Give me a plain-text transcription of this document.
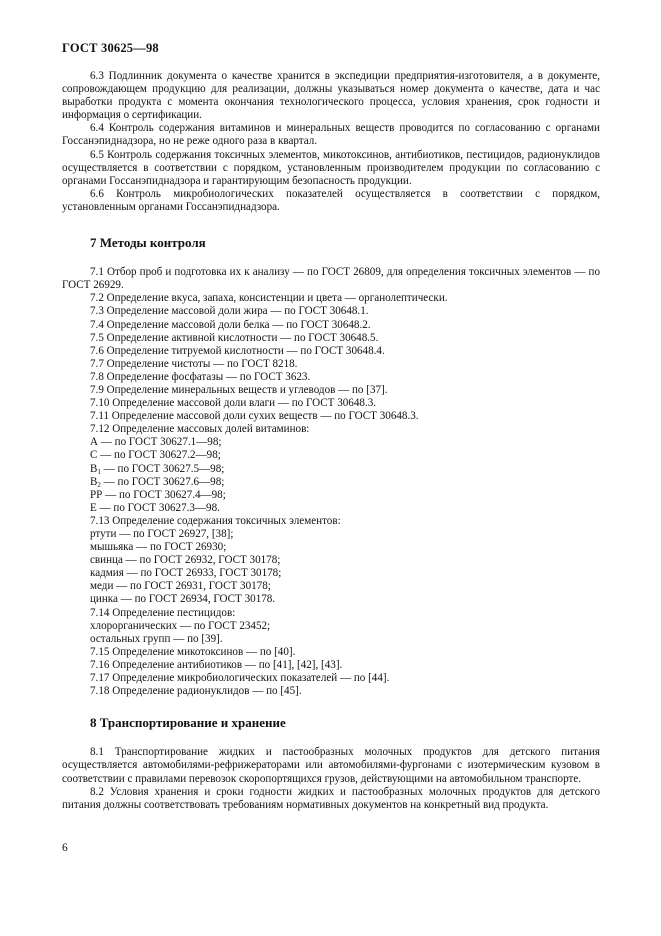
ГОСТ 30625—98

6.3 Подлинник документа о качестве хранится в экспедиции предприятия-изготовителя, а в документе, сопровождающем продукцию для реализации, должны указываться номер документа о качестве, дата и час выработки продукта с момента окончания технологического процесса, условия хранения, срок годности и информация о сертификации.

6.4 Контроль содержания витаминов и минеральных веществ проводится по согласованию с органами Госсанэпиднадзора, но не реже одного раза в квартал.

6.5 Контроль содержания токсичных элементов, микотоксинов, антибиотиков, пестицидов, радионуклидов осуществляется в соответствии с порядком, установленным производителем продукции по согласованию с органами Госсанэпиднадзора и гарантирующим безопасность продукции.

6.6 Контроль микробиологических показателей осуществляется в соответствии с порядком, установленным органами Госсанэпиднадзора.

7 Методы контроля

7.1 Отбор проб и подготовка их к анализу — по ГОСТ 26809, для определения токсичных элементов — по ГОСТ 26929.

7.2 Определение вкуса, запаха, консистенции и цвета — органолептически.

7.3 Определение массовой доли жира — по ГОСТ 30648.1.

7.4 Определение массовой доли белка — по ГОСТ 30648.2.

7.5 Определение активной кислотности — по ГОСТ 30648.5.

7.6 Определение титруемой кислотности — по ГОСТ 30648.4.

7.7 Определение чистоты — по ГОСТ 8218.

7.8 Определение фосфатазы — по ГОСТ 3623.

7.9 Определение минеральных веществ и углеводов — по [37].

7.10 Определение массовой доли влаги — по ГОСТ 30648.3.

7.11 Определение массовой доли сухих веществ — по ГОСТ 30648.3.

7.12 Определение массовых долей витаминов:

А — по ГОСТ 30627.1—98;

С — по ГОСТ 30627.2—98;

$В_1$ — по ГОСТ 30627.5—98;

$В_2$ — по ГОСТ 30627.6—98;

РР — по ГОСТ 30627.4—98;

Е — по ГОСТ 30627.3—98.

7.13 Определение содержания токсичных элементов:

ртути — по ГОСТ 26927, [38];

мышьяка — по ГОСТ 26930;

свинца — по ГОСТ 26932, ГОСТ 30178;

кадмия — по ГОСТ 26933, ГОСТ 30178;

меди — по ГОСТ 26931, ГОСТ 30178;

цинка — по ГОСТ 26934, ГОСТ 30178.

7.14 Определение пестицидов:

хлорорганических — по ГОСТ 23452;

остальных групп — по [39].

7.15 Определение микотоксинов — по [40].

7.16 Определение антибиотиков — по [41], [42], [43].

7.17 Определение микробиологических показателей — по [44].

7.18 Определение радионуклидов — по [45].

8 Транспортирование и хранение

8.1 Транспортирование жидких и пастообразных молочных продуктов для детского питания осуществляется автомобилями-рефрижераторами или автомобилями-фургонами с изотермическим кузовом в соответствии с правилами перевозок скоропортящихся грузов, действующими на автомобильном транспорте.

8.2 Условия хранения и сроки годности жидких и пастообразных молочных продуктов для детского питания должны соответствовать требованиям нормативных документов на конкретный вид продукта.

6
